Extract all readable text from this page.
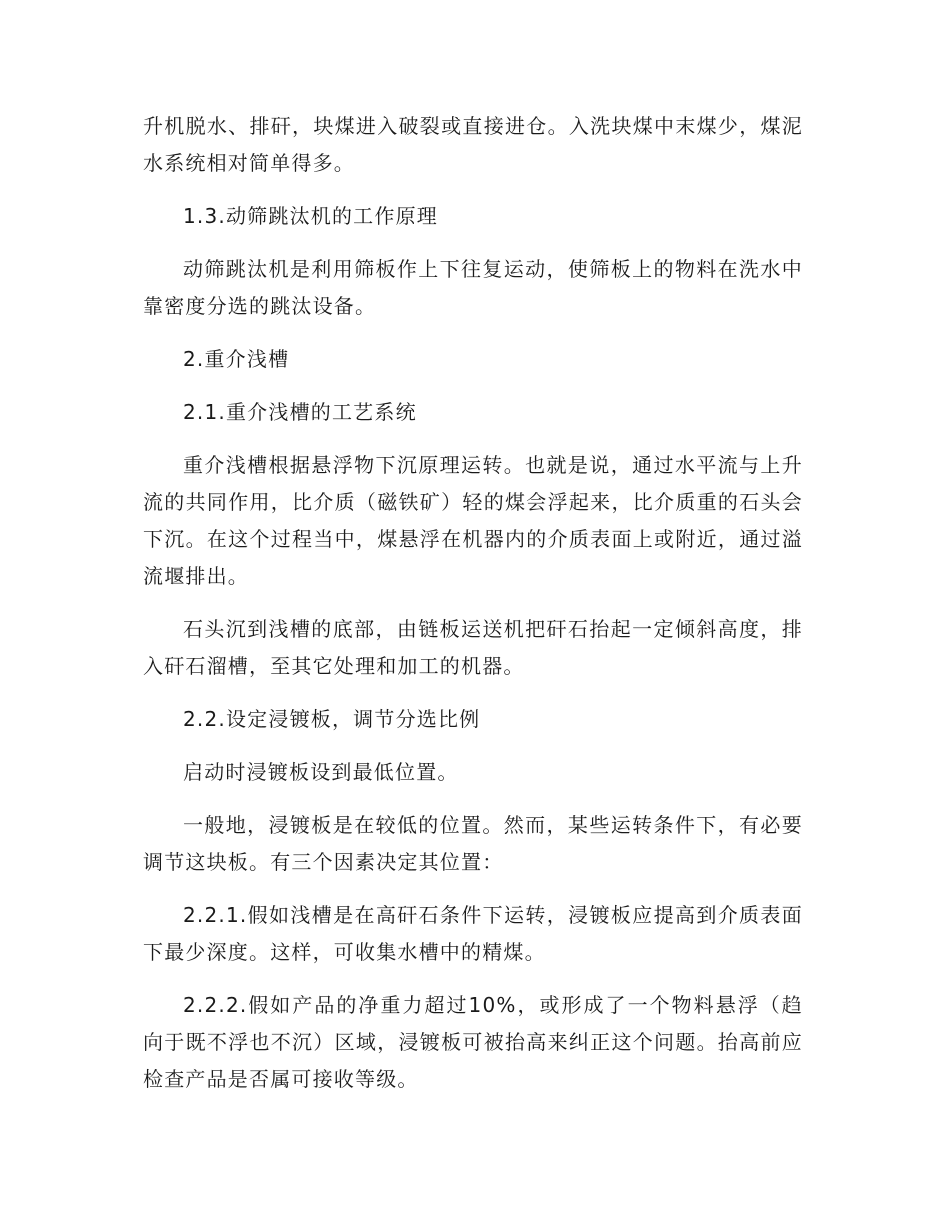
升机脱水、排矸，块煤进入破裂或直接进仓。入洗块煤中末煤少，煤泥水系统相对简单得多。

1.3.动筛跳汰机的工作原理

动筛跳汰机是利用筛板作上下往复运动，使筛板上的物料在洗水中靠密度分选的跳汰设备。

2.重介浅槽

2.1.重介浅槽的工艺系统

重介浅槽根据悬浮物下沉原理运转。也就是说，通过水平流与上升流的共同作用，比介质（磁铁矿）轻的煤会浮起来，比介质重的石头会下沉。在这个过程当中，煤悬浮在机器内的介质表面上或附近，通过溢流堰排出。

石头沉到浅槽的底部，由链板运送机把矸石抬起一定倾斜高度，排入矸石溜槽，至其它处理和加工的机器。

2.2.设定浸镀板，调节分选比例

启动时浸镀板设到最低位置。

一般地，浸镀板是在较低的位置。然而，某些运转条件下，有必要调节这块板。有三个因素决定其位置：

2.2.1.假如浅槽是在高矸石条件下运转，浸镀板应提高到介质表面下最少深度。这样，可收集水槽中的精煤。

2.2.2.假如产品的净重力超过10%，或形成了一个物料悬浮（趋向于既不浮也不沉）区域，浸镀板可被抬高来纠正这个问题。抬高前应检查产品是否属可接收等级。
